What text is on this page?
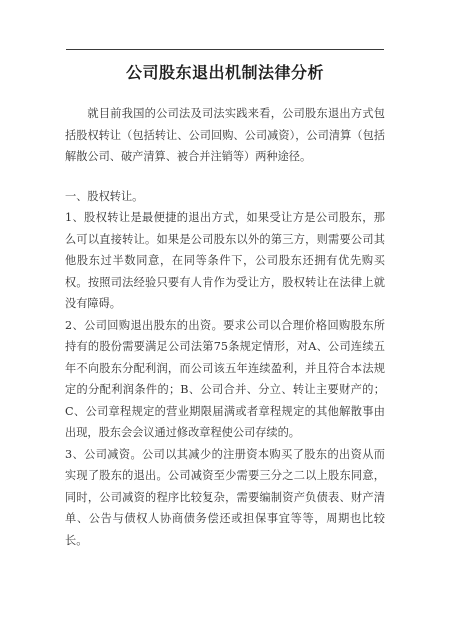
公司股东退出机制法律分析

就目前我国的公司法及司法实践来看，公司股东退出方式包括股权转让（包括转让、公司回购、公司减资），公司清算（包括解散公司、破产清算、被合并注销等）两种途径。

一、股权转让。

1、股权转让是最便捷的退出方式，如果受让方是公司股东，那么可以直接转让。如果是公司股东以外的第三方，则需要公司其他股东过半数同意，在同等条件下，公司股东还拥有优先购买权。按照司法经验只要有人肯作为受让方，股权转让在法律上就没有障碍。

2、公司回购退出股东的出资。要求公司以合理价格回购股东所持有的股份需要满足公司法第75条规定情形，对A、公司连续五年不向股东分配利润，而公司该五年连续盈利，并且符合本法规定的分配利润条件的；B、公司合并、分立、转让主要财产的；C、公司章程规定的营业期限届满或者章程规定的其他解散事由出现，股东会会议通过修改章程使公司存续的。

3、公司减资。公司以其减少的注册资本购买了股东的出资从而实现了股东的退出。公司减资至少需要三分之二以上股东同意，同时，公司减资的程序比较复杂，需要编制资产负债表、财产清单、公告与债权人协商债务偿还或担保事宜等等，周期也比较长。
